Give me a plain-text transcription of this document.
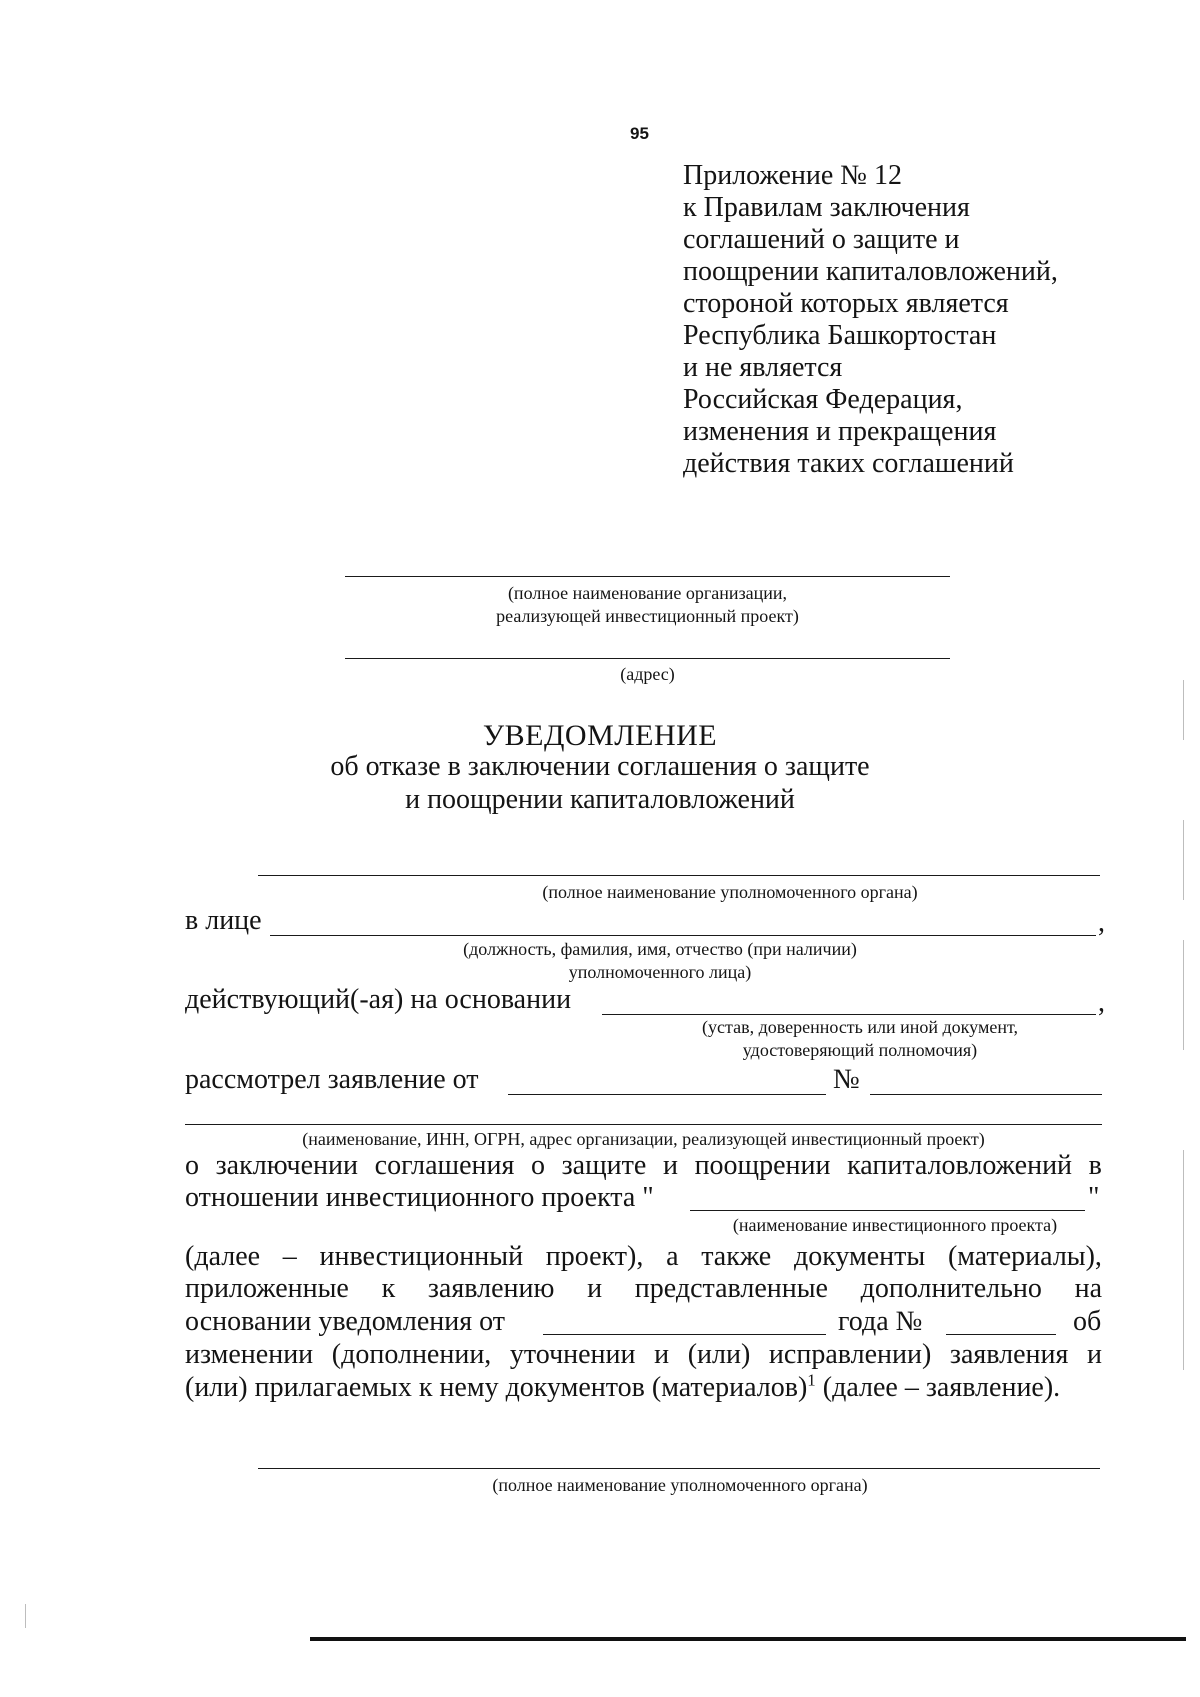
95
Приложение № 12
к Правилам заключения
соглашений о защите и
поощрении капиталовложений,
стороной которых является
Республика Башкортостан
и не является
Российская Федерация,
изменения и прекращения
действия таких соглашений
(полное наименование организации,
реализующей инвестиционный проект)
(адрес)
УВЕДОМЛЕНИЕ
об отказе в заключении соглашения о защите
и поощрении капиталовложений
(полное наименование уполномоченного органа)
в лице	,
(должность, фамилия, имя, отчество (при наличии)
уполномоченного лица)
действующий(-ая) на основании	,
(устав, доверенность или иной документ,
удостоверяющий полномочия)
рассмотрел заявление от	№
(наименование, ИНН, ОГРН, адрес организации, реализующей инвестиционный проект)
о заключении соглашения о защите и поощрении капиталовложений в
отношении инвестиционного проекта "	"
(наименование инвестиционного проекта)
(далее – инвестиционный проект), а также документы (материалы),
приложенные к заявлению и представленные дополнительно на
основании уведомления от	года №	об
изменении (дополнении, уточнении и (или) исправлении) заявления и
(или) прилагаемых к нему документов (материалов)$^1$ (далее – заявление).
(полное наименование уполномоченного органа)
